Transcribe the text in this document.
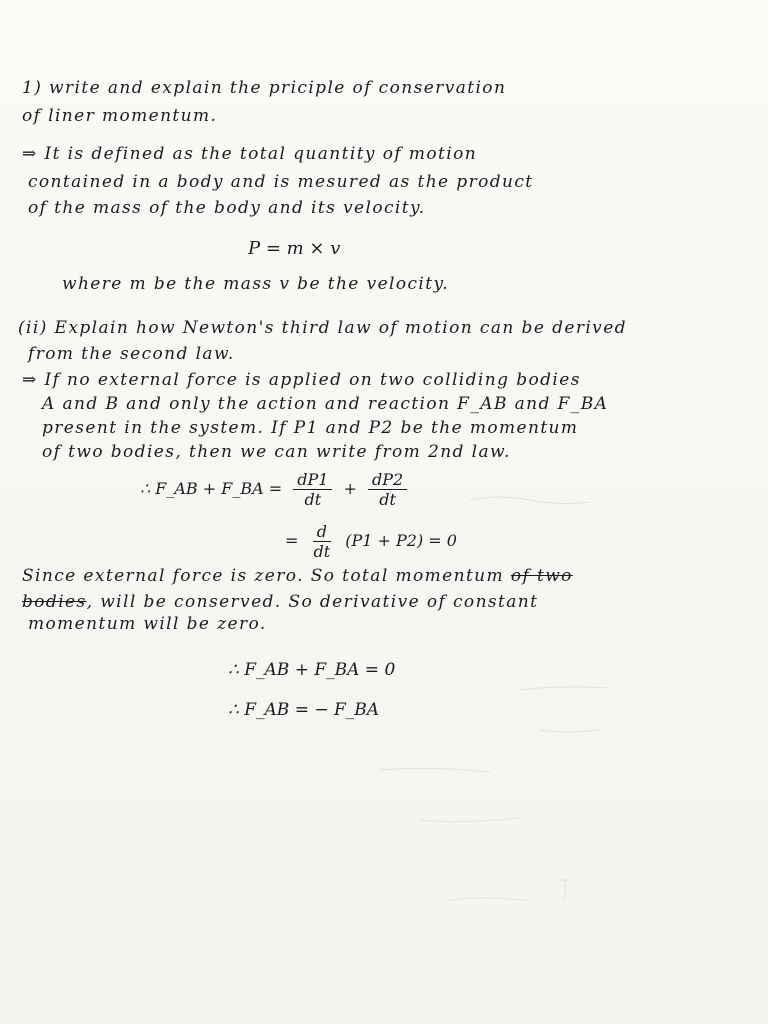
1) write and explain the priciple of conservation
of liner momentum.
⇒ It is defined as the total quantity of motion
contained in a body and is mesured as the product
of the mass of the body and its velocity.
P = m × v
where m be the mass v be the velocity.
(ii) Explain how Newton's third law of motion can be derived
from the second law.
⇒ If no external force is applied on two colliding bodies
A and B and only the action and reaction F_AB and F_BA
present in the system. If P1 and P2 be the momentum
of two bodies, then we can write from 2nd law.
∴ F_AB + F_BA = $\frac{dP1}{dt} + \frac{dP2}{dt}$
= $\frac{d}{dt} (P1 + P2) = 0$
Since external force is zero. So total momentum of two
bodies, will be conserved. So derivative of constant
momentum will be zero.
∴ F_AB + F_BA = 0
∴ F_AB = − F_BA
